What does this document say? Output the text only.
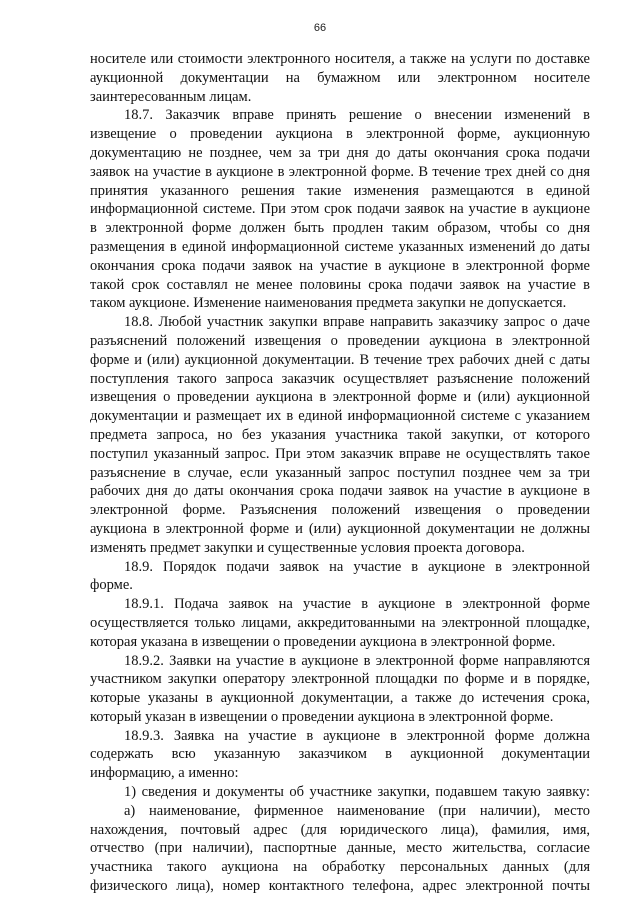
66
носителе или стоимости электронного носителя, а также на услуги по доставке
аукционной документации на бумажном или электронном носителе
заинтересованным лицам.
18.7. Заказчик вправе принять решение о внесении изменений в
извещение о проведении аукциона в электронной форме, аукционную
документацию не позднее, чем за три дня до даты окончания срока подачи
заявок на участие в аукционе в электронной форме. В течение трех дней со дня
принятия указанного решения такие изменения размещаются в единой
информационной системе. При этом срок подачи заявок на участие в аукционе
в электронной форме должен быть продлен таким образом, чтобы со дня
размещения в единой информационной системе указанных изменений до даты
окончания срока подачи заявок на участие в аукционе в электронной форме
такой срок составлял не менее половины срока подачи заявок на участие в
таком аукционе. Изменение наименования предмета закупки не допускается.
18.8. Любой участник закупки вправе направить заказчику запрос о даче
разъяснений положений извещения о проведении аукциона в электронной
форме и (или) аукционной документации. В течение трех рабочих дней с даты
поступления такого запроса заказчик осуществляет разъяснение положений
извещения о проведении аукциона в электронной форме и (или) аукционной
документации и размещает их в единой информационной системе с указанием
предмета запроса, но без указания участника такой закупки, от которого
поступил указанный запрос. При этом заказчик вправе не осуществлять такое
разъяснение в случае, если указанный запрос поступил позднее чем за три
рабочих дня до даты окончания срока подачи заявок на участие в аукционе в
электронной форме. Разъяснения положений извещения о проведении
аукциона в электронной форме и (или) аукционной документации не должны
изменять предмет закупки и существенные условия проекта договора.
18.9. Порядок подачи заявок на участие в аукционе в электронной
форме.
18.9.1. Подача заявок на участие в аукционе в электронной форме
осуществляется только лицами, аккредитованными на электронной площадке,
которая указана в извещении о проведении аукциона в электронной форме.
18.9.2. Заявки на участие в аукционе в электронной форме направляются
участником закупки оператору электронной площадки по форме и в порядке,
которые указаны в аукционной документации, а также до истечения срока,
который указан в извещении о проведении аукциона в электронной форме.
18.9.3. Заявка на участие в аукционе в электронной форме должна
содержать всю указанную заказчиком в аукционной документации
информацию, а именно:
1) сведения и документы об участнике закупки, подавшем такую заявку:
а) наименование, фирменное наименование (при наличии), место
нахождения, почтовый адрес (для юридического лица), фамилия, имя,
отчество (при наличии), паспортные данные, место жительства, согласие
участника такого аукциона на обработку персональных данных (для
физического лица), номер контактного телефона, адрес электронной почты
